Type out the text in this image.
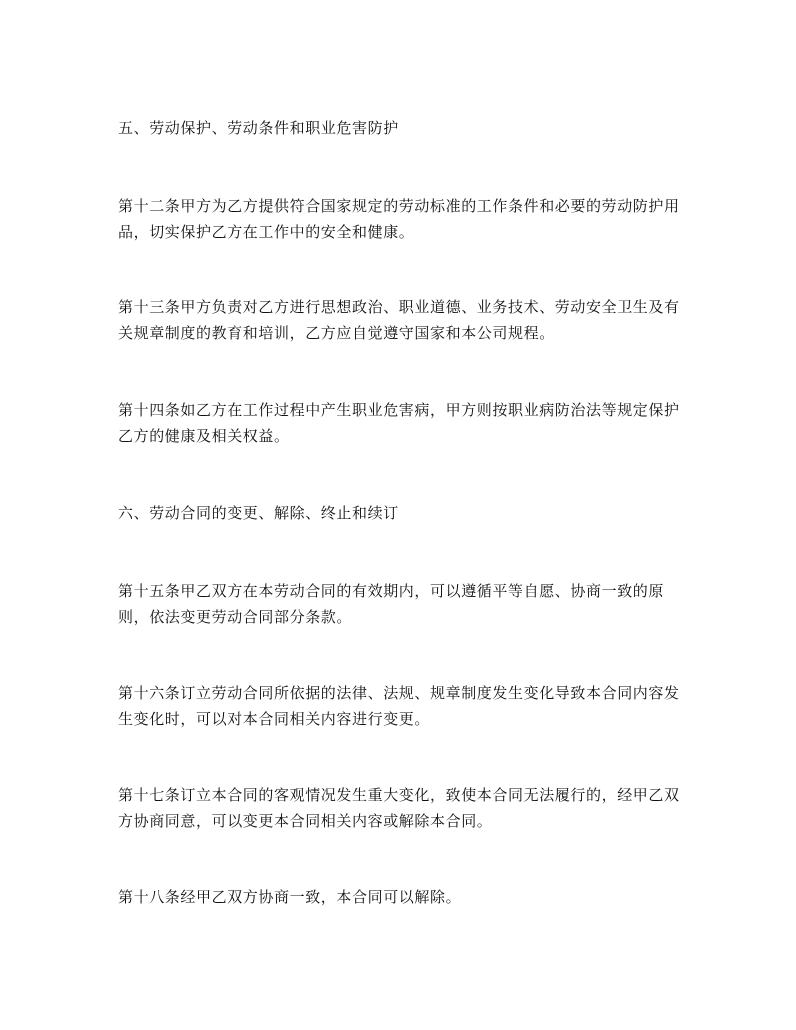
五、劳动保护、劳动条件和职业危害防护

第十二条甲方为乙方提供符合国家规定的劳动标准的工作条件和必要的劳动防护用品，切实保护乙方在工作中的安全和健康。

第十三条甲方负责对乙方进行思想政治、职业道德、业务技术、劳动安全卫生及有关规章制度的教育和培训，乙方应自觉遵守国家和本公司规程。

第十四条如乙方在工作过程中产生职业危害病，甲方则按职业病防治法等规定保护乙方的健康及相关权益。

六、劳动合同的变更、解除、终止和续订

第十五条甲乙双方在本劳动合同的有效期内，可以遵循平等自愿、协商一致的原则，依法变更劳动合同部分条款。

第十六条订立劳动合同所依据的法律、法规、规章制度发生变化导致本合同内容发生变化时，可以对本合同相关内容进行变更。

第十七条订立本合同的客观情况发生重大变化，致使本合同无法履行的，经甲乙双方协商同意，可以变更本合同相关内容或解除本合同。

第十八条经甲乙双方协商一致，本合同可以解除。
